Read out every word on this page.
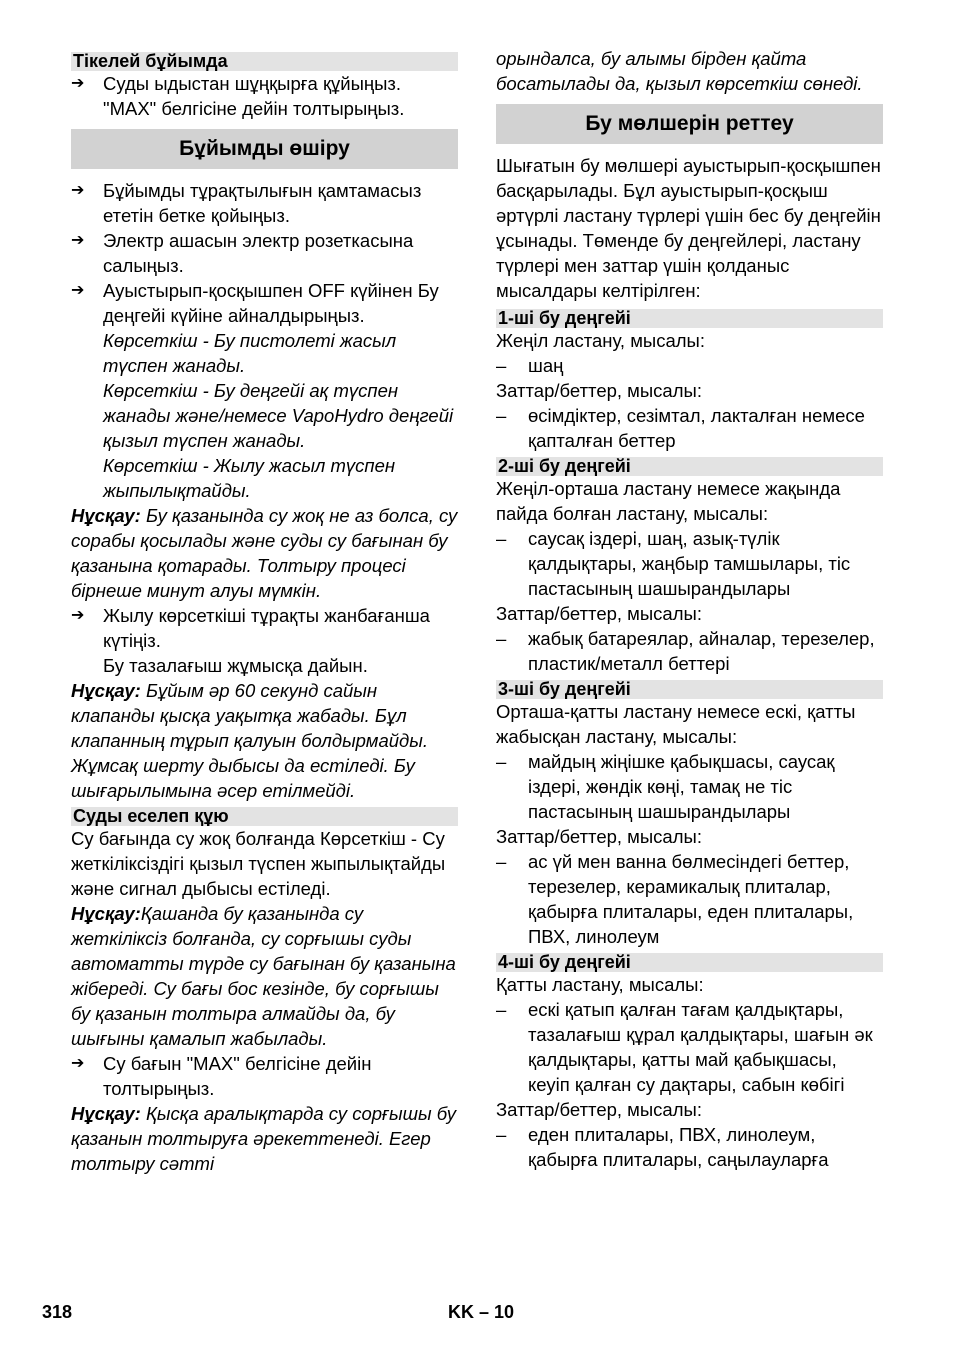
Тікелей бұйымда
➔	Суды ыдыстан шұңқырға құйыңыз. "МАХ" белгісіне дейін толтырыңыз.
Бұйымды өшіру
➔	Бұйымды тұрақтылығын қамтамасыз ететін бетке қойыңыз.
➔	Электр ашасын электр розеткасына салыңыз.
➔	Ауыстырып-қосқышпен OFF күйінен Бу деңгейі күйіне айналдырыңыз.

Көрсеткіш - Бу пистолеті жасыл түспен жанады.

Көрсеткіш - Бу деңгейі ақ түспен жанады және/немесе VapoHydro деңгейі қызыл түспен жанады.

Көрсеткіш - Жылу жасыл түспен жыпылықтайды.

Нұсқау: Бу қазанында су жоқ не аз болса, су сорабы қосылады және суды су бағынан бу қазанына қотарады. Толтыру процесі бірнеше минут алуы мүмкін.

➔	Жылу көрсеткіші тұрақты жанбағанша күтіңіз.

Бу тазалағыш жұмысқа дайын.

Нұсқау: Бұйым әр 60 секунд сайын клапанды қысқа уақытқа жабады. Бұл клапанның тұрып қалуын болдырмайды. Жұмсақ шерту дыбысы да естіледі. Бу шығарылымына әсер етілмейді.

Суды еселеп құю

Су бағында су жоқ болғанда Көрсеткіш - Су жеткіліксіздігі қызыл түспен жыпылықтайды және сигнал дыбысы естіледі.

Нұсқау:Қашанда бу қазанында су жеткіліксіз болғанда, су сорғышы суды автоматты түрде су бағынан бу қазанына жібереді. Су бағы бос кезінде, бу сорғышы бу қазанын толтыра алмайды да, бу шығыны қамалып жабылады.

➔	Су бағын "МАХ" белгісіне дейін толтырыңыз.

Нұсқау: Қысқа аралықтарда су сорғышы бу қазанын толтыруға әрекеттенеді. Егер толтыру сәтті

орындалса, бу алымы бірден қайта босатылады да, қызыл көрсеткіш сөнеді.

Бу мөлшерін реттеу

Шығатын бу мөлшері ауыстырып-қосқышпен басқарылады. Бұл ауыстырып-қосқыш әртүрлі ластану түрлері үшін бес бу деңгейін ұсынады. Төменде бу деңгейлері, ластану түрлері мен заттар үшін қолданыс мысалдары келтірілген:

1-ші бу деңгейі

Жеңіл ластану, мысалы:

–	шаң

Заттар/беттер, мысалы:

–	өсімдіктер, сезімтал, лакталған немесе қапталған беттер
2-ші бу деңгейі

Жеңіл-орташа ластану немесе жақында пайда болған ластану, мысалы:

–	саусақ іздері, шаң, азық-түлік қалдықтары, жаңбыр тамшылары, тіс пастасының шашырандылары

Заттар/беттер, мысалы:

–	жабық батареялар, айналар, терезелер, пластик/металл беттері
3-ші бу деңгейі

Орташа-қатты ластану немесе ескі, қатты жабысқан ластану, мысалы:

–	майдың жіңішке қабықшасы, саусақ іздері, жөндік көңі, тамақ не тіс пастасының шашырандылары

Заттар/беттер, мысалы:

–	ас үй мен ванна бөлмесіндегі беттер, терезелер, керамикалық плиталар, қабырға плиталары, еден плиталары, ПВХ, линолеум
4-ші бу деңгейі

Қатты ластану, мысалы:

–	ескі қатып қалған тағам қалдықтары, тазалағыш құрал қалдықтары, шағын әк қалдықтары, қатты май қабықшасы, кеуіп қалған су дақтары, сабын көбігі

Заттар/беттер, мысалы:

–	еден плиталары, ПВХ, линолеум, қабырға плиталары, саңылауларға
318	KK – 10
